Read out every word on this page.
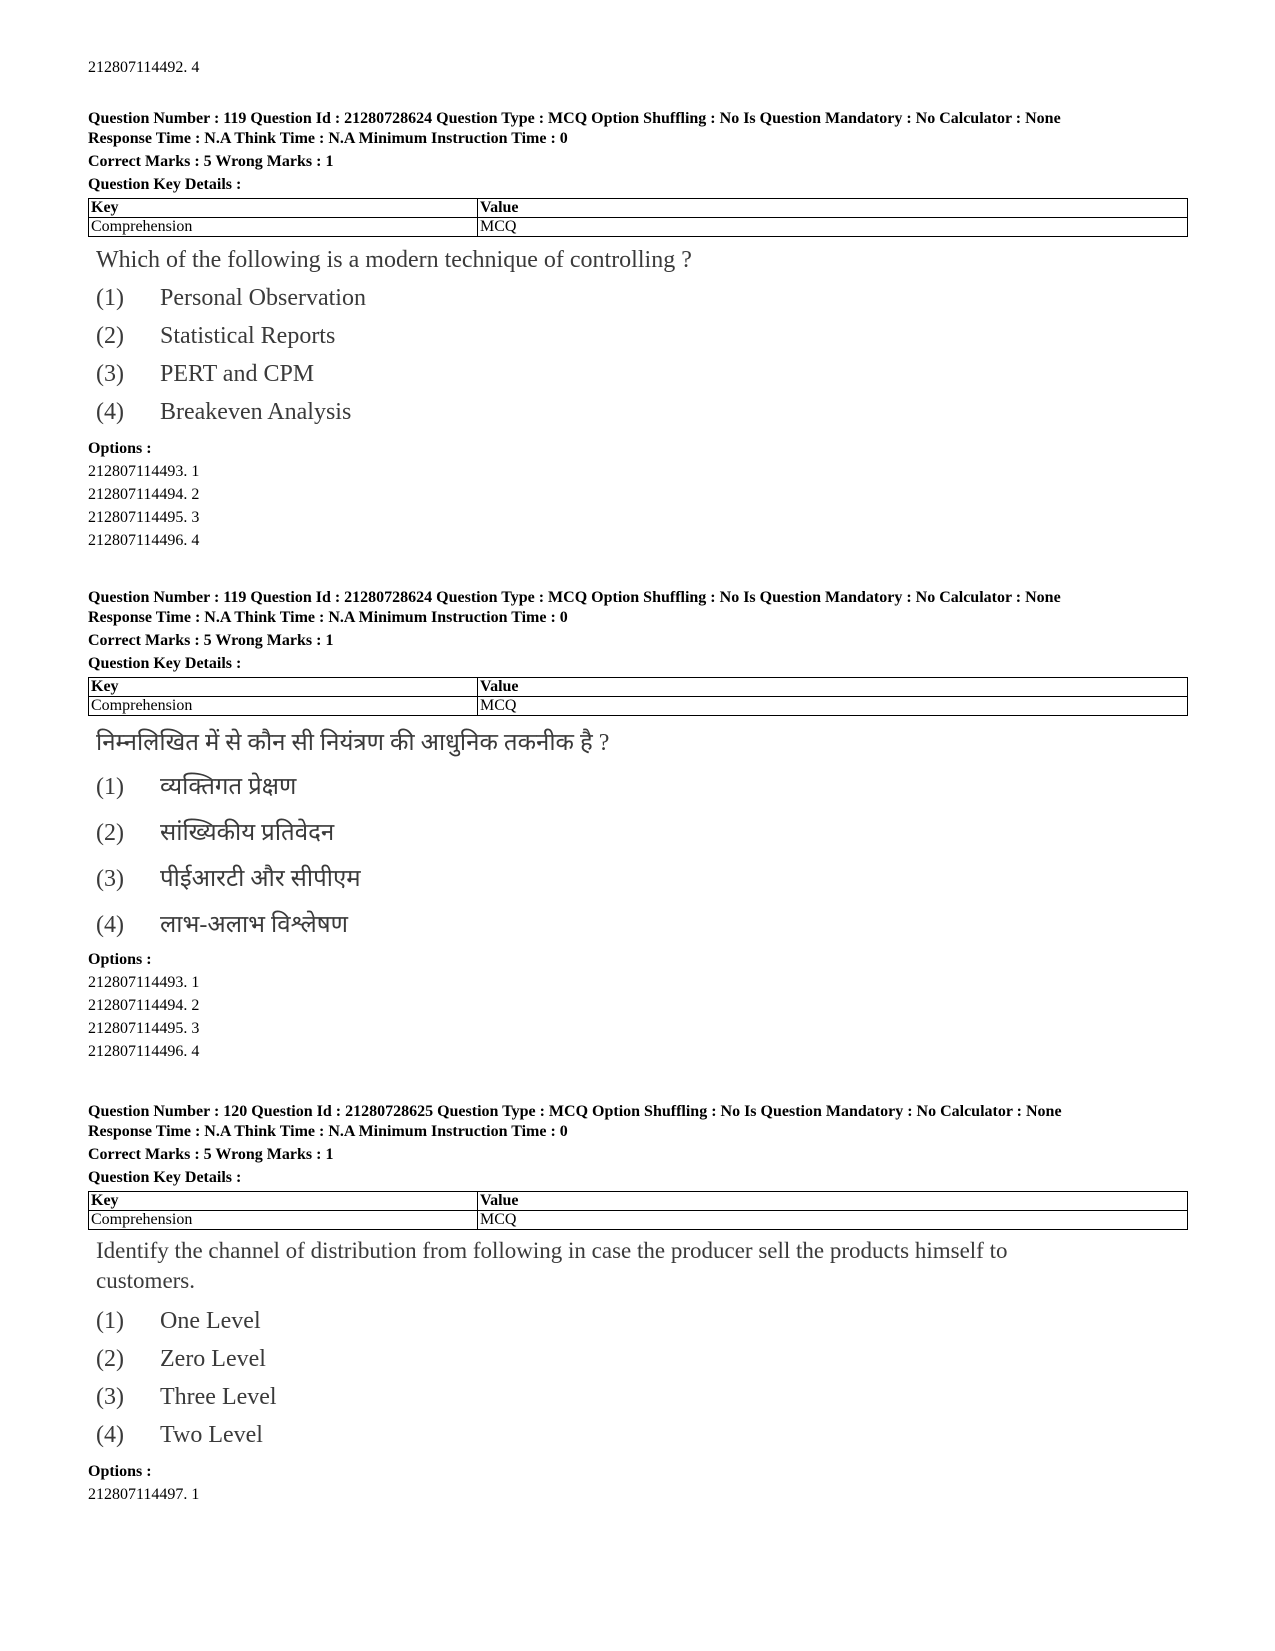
212807114492. 4
Question Number : 119 Question Id : 21280728624 Question Type : MCQ Option Shuffling : No Is Question Mandatory : No Calculator : None
Response Time : N.A Think Time : N.A Minimum Instruction Time : 0
Correct Marks : 5 Wrong Marks : 1
Question Key Details :
Key	Value
Comprehension	MCQ
Which of the following is a modern technique of controlling ?
(1)	Personal Observation
(2)	Statistical Reports
(3)	PERT and CPM
(4)	Breakeven Analysis
Options :
212807114493. 1
212807114494. 2
212807114495. 3
212807114496. 4
Question Number : 119 Question Id : 21280728624 Question Type : MCQ Option Shuffling : No Is Question Mandatory : No Calculator : None
Response Time : N.A Think Time : N.A Minimum Instruction Time : 0
Correct Marks : 5 Wrong Marks : 1
Question Key Details :
Key	Value
Comprehension	MCQ
निम्नलिखित में से कौन सी नियंत्रण की आधुनिक तकनीक है ?
(1)	व्यक्तिगत प्रेक्षण
(2)	सांख्यिकीय प्रतिवेदन
(3)	पीईआरटी और सीपीएम
(4)	लाभ-अलाभ विश्लेषण
Options :
212807114493. 1
212807114494. 2
212807114495. 3
212807114496. 4
Question Number : 120 Question Id : 21280728625 Question Type : MCQ Option Shuffling : No Is Question Mandatory : No Calculator : None
Response Time : N.A Think Time : N.A Minimum Instruction Time : 0
Correct Marks : 5 Wrong Marks : 1
Question Key Details :
Key	Value
Comprehension	MCQ
Identify the channel of distribution from following in case the producer sell the products himself to
customers.
(1)	One Level
(2)	Zero Level
(3)	Three Level
(4)	Two Level
Options :
212807114497. 1
